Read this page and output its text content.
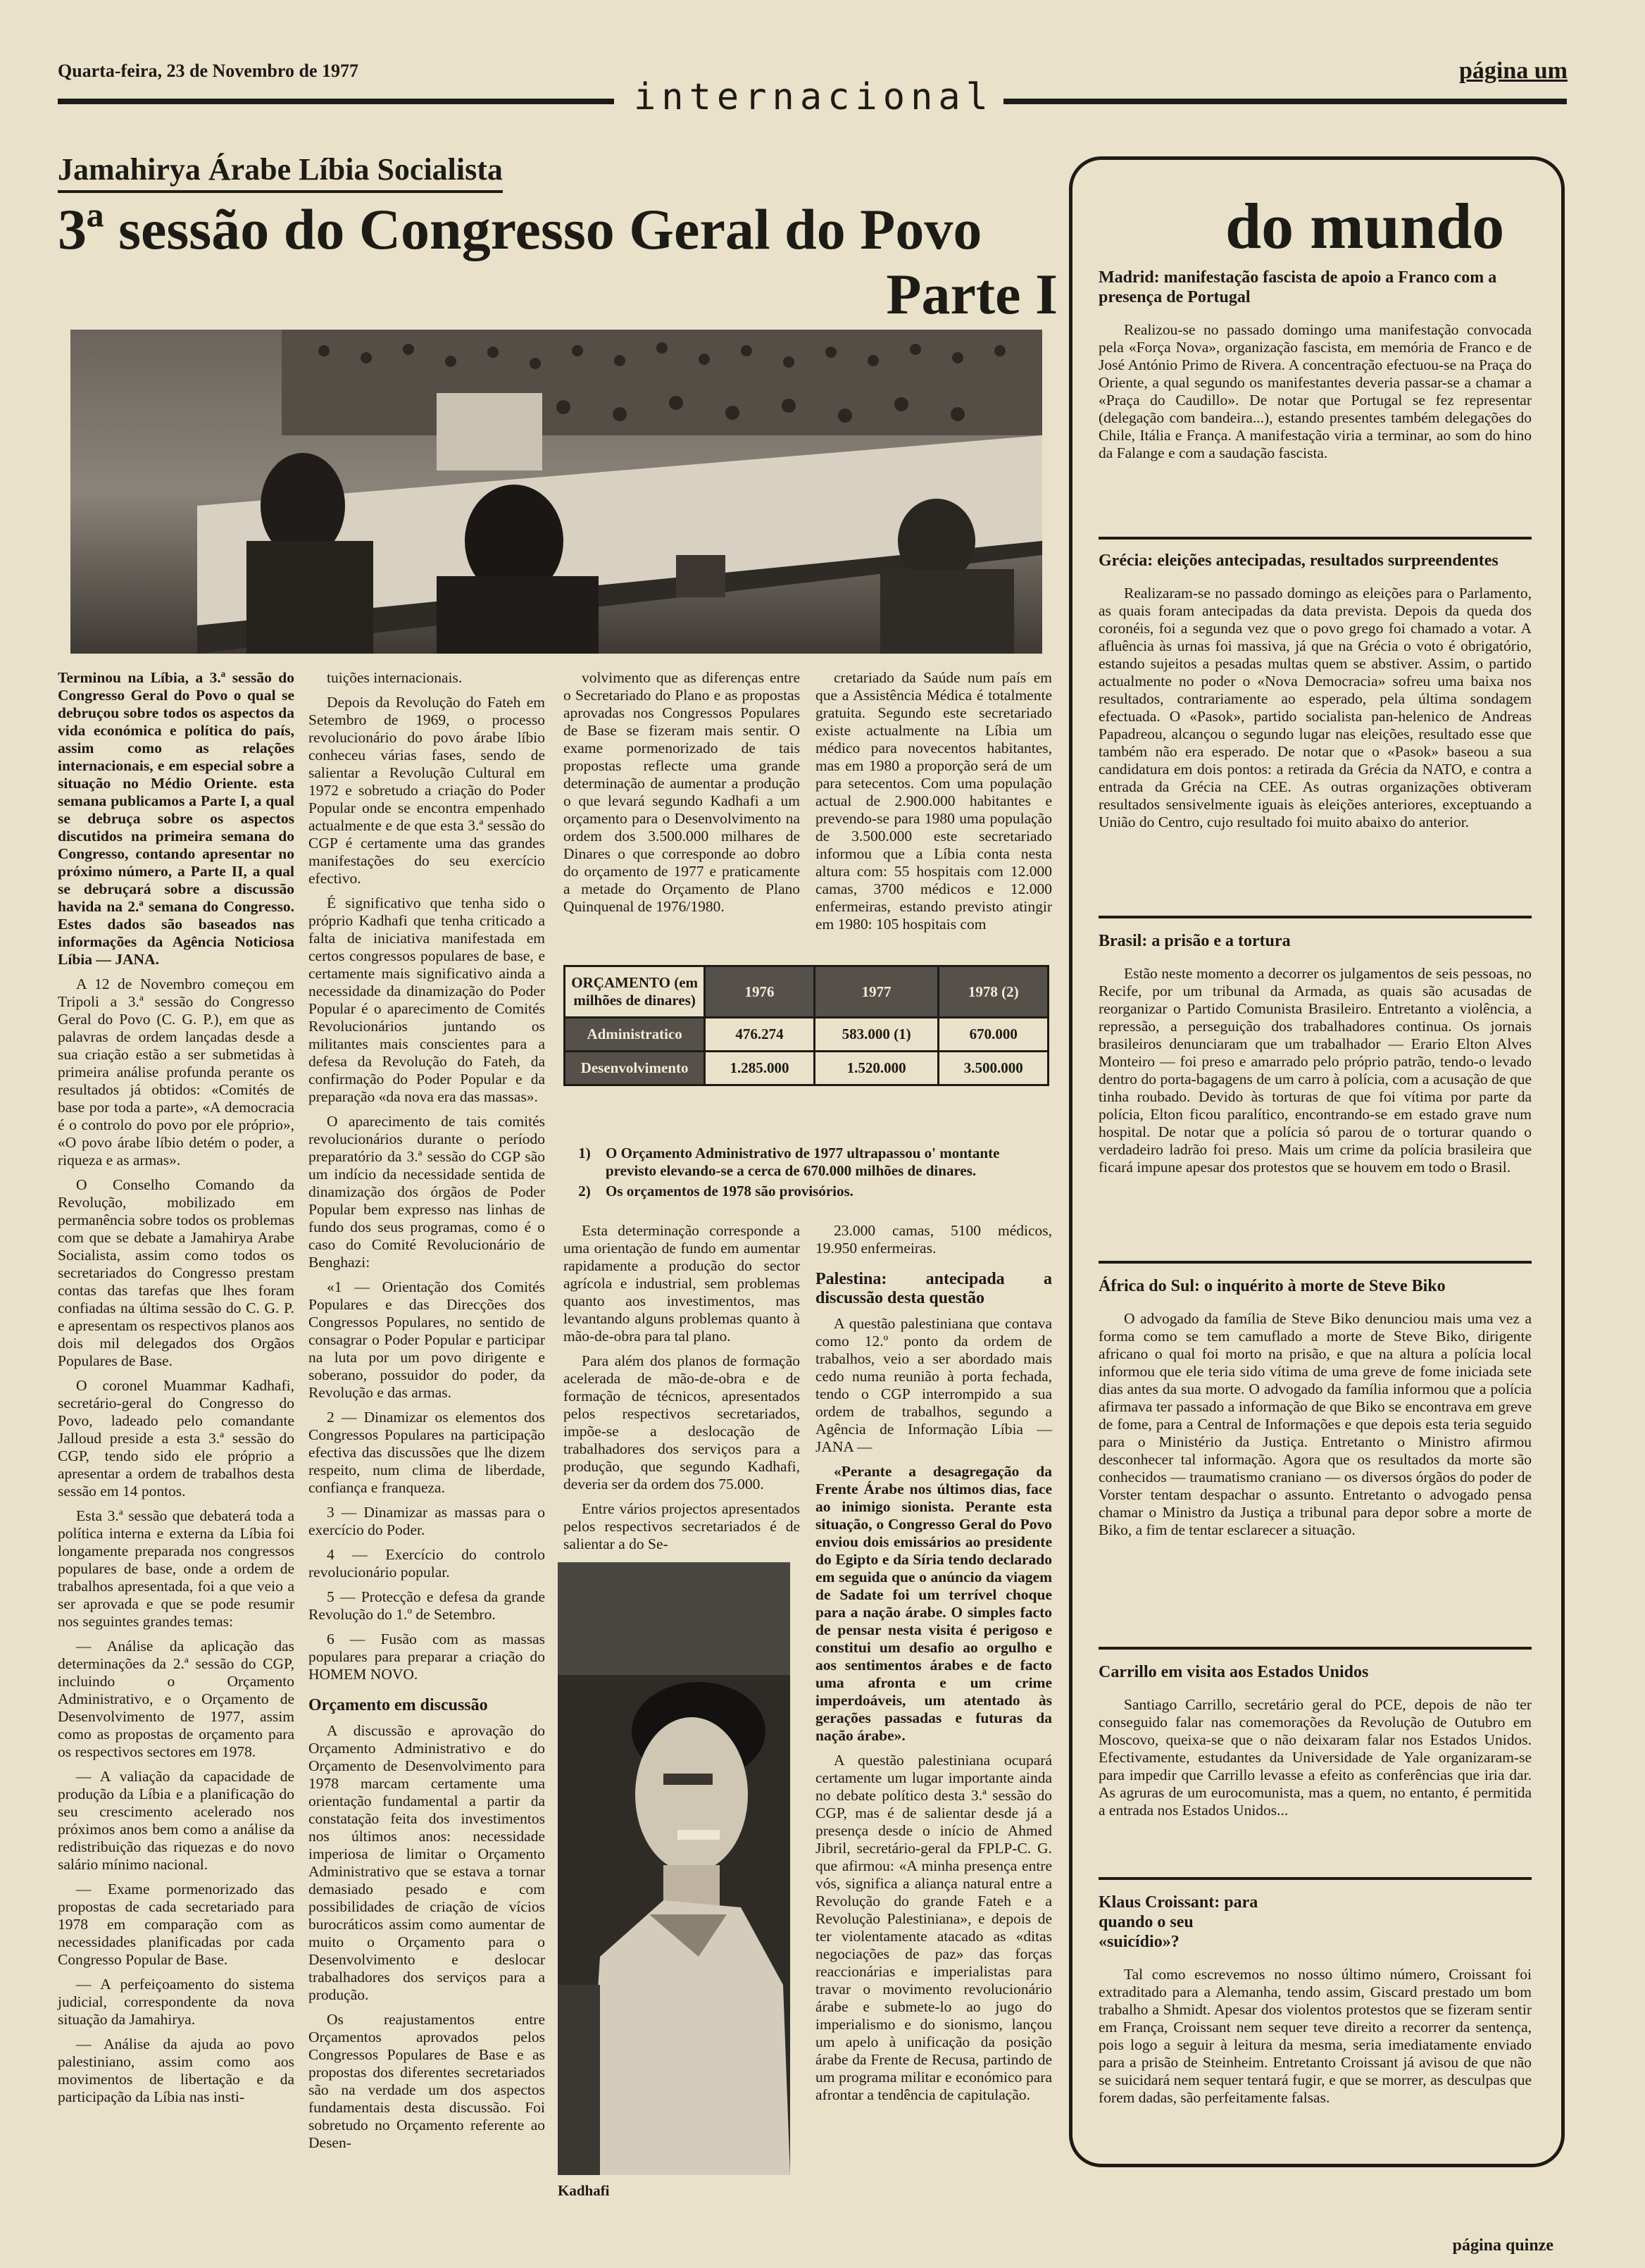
Quarta-feira, 23 de Novembro de 1977
internacional
página um
Jamahirya Árabe Líbia Socialista
3ª sessão do Congresso Geral do Povo
Parte I

Terminou na Líbia, a 3.ª sessão do Congresso Geral do Povo o qual se debruçou sobre todos os aspectos da vida económica e política do país, assim como as relações internacionais, e em especial sobre a situação no Médio Oriente. esta semana publicamos a Parte I, a qual se debruça sobre os aspectos discutidos na primeira semana do Congresso, contando apresentar no próximo número, a Parte II, a qual se debruçará sobre a discussão havida na 2.ª semana do Congresso. Estes dados são baseados nas informações da Agência Noticiosa Líbia — JANA.

A 12 de Novembro começou em Tripoli a 3.ª sessão do Congresso Geral do Povo (C. G. P.), em que as palavras de ordem lançadas desde a sua criação estão a ser submetidas à primeira análise profunda perante os resultados já obtidos: «Comités de base por toda a parte», «A democracia é o controlo do povo por ele próprio», «O povo árabe líbio detém o poder, a riqueza e as armas».

O Conselho Comando da Revolução, mobilizado em permanência sobre todos os problemas com que se debate a Jamahirya Arabe Socialista, assim como todos os secretariados do Congresso prestam contas das tarefas que lhes foram confiadas na última sessão do C. G. P. e apresentam os respectivos planos aos dois mil delegados dos Orgãos Populares de Base.

O coronel Muammar Kadhafi, secretário-geral do Congresso do Povo, ladeado pelo comandante Jalloud preside a esta 3.ª sessão do CGP, tendo sido ele próprio a apresentar a ordem de trabalhos desta sessão em 14 pontos.

Esta 3.ª sessão que debaterá toda a política interna e externa da Líbia foi longamente preparada nos congressos populares de base, onde a ordem de trabalhos apresentada, foi a que veio a ser aprovada e que se pode resumir nos seguintes grandes temas:

— Análise da aplicação das determinações da 2.ª sessão do CGP, incluindo o Orçamento Administrativo, e o Orçamento de Desenvolvimento de 1977, assim como as propostas de orçamento para os respectivos sectores em 1978.

— A valiação da capacidade de produção da Líbia e a planificação do seu crescimento acelerado nos próximos anos bem como a análise da redistribuição das riquezas e do novo salário mínimo nacional.

— Exame pormenorizado das propostas de cada secretariado para 1978 em comparação com as necessidades planificadas por cada Congresso Popular de Base.

— A perfeiçoamento do sistema judicial, correspondente da nova situação da Jamahirya.

— Análise da ajuda ao povo palestiniano, assim como aos movimentos de libertação e da participação da Líbia nas insti-

tuições internacionais.

Depois da Revolução do Fateh em Setembro de 1969, o processo revolucionário do povo árabe líbio conheceu várias fases, sendo de salientar a Revolução Cultural em 1972 e sobretudo a criação do Poder Popular onde se encontra empenhado actualmente e de que esta 3.ª sessão do CGP é certamente uma das grandes manifestações do seu exercício efectivo.

É significativo que tenha sido o próprio Kadhafi que tenha criticado a falta de iniciativa manifestada em certos congressos populares de base, e certamente mais significativo ainda a necessidade da dinamização do Poder Popular é o aparecimento de Comités Revolucionários juntando os militantes mais conscientes para a defesa da Revolução do Fateh, da confirmação do Poder Popular e da preparação «da nova era das massas».

O aparecimento de tais comités revolucionários durante o período preparatório da 3.ª sessão do CGP são um indício da necessidade sentida de dinamização dos órgãos de Poder Popular bem expresso nas linhas de fundo dos seus programas, como é o caso do Comité Revolucionário de Benghazi:

«1 — Orientação dos Comités Populares e das Direcções dos Congressos Populares, no sentido de consagrar o Poder Popular e participar na luta por um povo dirigente e soberano, possuidor do poder, da Revolução e das armas.

2 — Dinamizar os elementos dos Congressos Populares na participação efectiva das discussões que lhe dizem respeito, num clima de liberdade, confiança e franqueza.

3 — Dinamizar as massas para o exercício do Poder.

4 — Exercício do controlo revolucionário popular.

5 — Protecção e defesa da grande Revolução do 1.º de Setembro.

6 — Fusão com as massas populares para preparar a criação do HOMEM NOVO.

Orçamento em discussão

A discussão e aprovação do Orçamento Administrativo e do Orçamento de Desenvolvimento para 1978 marcam certamente uma orientação fundamental a partir da constatação feita dos investimentos nos últimos anos: necessidade imperiosa de limitar o Orçamento Administrativo que se estava a tornar demasiado pesado e com possibilidades de criação de vícios burocráticos assim como aumentar de muito o Orçamento para o Desenvolvimento e deslocar trabalhadores dos serviços para a produção.

Os reajustamentos entre Orçamentos aprovados pelos Congressos Populares de Base e as propostas dos diferentes secretariados são na verdade um dos aspectos fundamentais desta discussão. Foi sobretudo no Orçamento referente ao Desen-

volvimento que as diferenças entre o Secretariado do Plano e as propostas aprovadas nos Congressos Populares de Base se fizeram mais sentir. O exame pormenorizado de tais propostas reflecte uma grande determinação de aumentar a produção o que levará segundo Kadhafi a um orçamento para o Desenvolvimento na ordem dos 3.500.000 milhares de Dinares o que corresponde ao dobro do orçamento de 1977 e praticamente a metade do Orçamento de Plano Quinquenal de 1976/1980.

cretariado da Saúde num país em que a Assistência Médica é totalmente gratuita. Segundo este secretariado existe actualmente na Líbia um médico para novecentos habitantes, mas em 1980 a proporção será de um para setecentos. Com uma população actual de 2.900.000 habitantes e prevendo-se para 1980 uma população de 3.500.000 este secretariado informou que a Líbia conta nesta altura com: 55 hospitais com 12.000 camas, 3700 médicos e 12.000 enfermeiras, estando previsto atingir em 1980: 105 hospitais com

ORÇAMENTO (em milhões de dinares)	1976	1977	1978 (2)
Administratico	476.274	583.000 (1)	670.000
Desenvolvimento	1.285.000	1.520.000	3.500.000
1)	O Orçamento Administrativo de 1977 ultrapassou o' montante previsto elevando-se a cerca de 670.000 milhões de dinares.
2)	Os orçamentos de 1978 são provisórios.

Esta determinação corresponde a uma orientação de fundo em aumentar rapidamente a produção do sector agrícola e industrial, sem problemas quanto aos investimentos, mas levantando alguns problemas quanto à mão-de-obra para tal plano.

Para além dos planos de formação acelerada de mão-de-obra e de formação de técnicos, apresentados pelos respectivos secretariados, impõe-se a deslocação de trabalhadores dos serviços para a produção, que segundo Kadhafi, deveria ser da ordem dos 75.000.

Entre vários projectos apresentados pelos respectivos secretariados é de salientar a do Se-

23.000 camas, 5100 médicos, 19.950 enfermeiras.

Palestina: antecipada a discussão desta questão

A questão palestiniana que contava como 12.º ponto da ordem de trabalhos, veio a ser abordado mais cedo numa reunião à porta fechada, tendo o CGP interrompido a sua ordem de trabalhos, segundo a Agência de Informação Líbia — JANA —

«Perante a desagregação da Frente Árabe nos últimos dias, face ao inimigo sionista. Perante esta situação, o Congresso Geral do Povo enviou dois emissários ao presidente do Egipto e da Síria tendo declarado em seguida que o anúncio da viagem de Sadate foi um terrível choque para a nação árabe. O simples facto de pensar nesta visita é perigoso e constitui um desafio ao orgulho e aos sentimentos árabes e de facto uma afronta e um crime imperdoáveis, um atentado às gerações passadas e futuras da nação árabe».

A questão palestiniana ocupará certamente um lugar importante ainda no debate político desta 3.ª sessão do CGP, mas é de salientar desde já a presença desde o início de Ahmed Jibril, secretário-geral da FPLP-C. G. que afirmou: «A minha presença entre vós, significa a aliança natural entre a Revolução do grande Fateh e a Revolução Palestiniana», e depois de ter violentamente atacado as «ditas negociações de paz» das forças reaccionárias e imperialistas para travar o movimento revolucionário árabe e submete-lo ao jugo do imperialismo e do sionismo, lançou um apelo à unificação da posição árabe da Frente de Recusa, partindo de um programa militar e económico para afrontar a tendência de capitulação.

Kadhafi
do mundo
Madrid: manifestação fascista de apoio a Franco com a presença de Portugal

Realizou-se no passado domingo uma manifestação convocada pela «Força Nova», organização fascista, em memória de Franco e de José António Primo de Rivera. A concentração efectuou-se na Praça do Oriente, a qual segundo os manifestantes deveria passar-se a chamar a «Praça do Caudillo». De notar que Portugal se fez representar (delegação com bandeira...), estando presentes também delegações do Chile, Itália e França. A manifestação viria a terminar, ao som do hino da Falange e com a saudação fascista.

Grécia: eleições antecipadas, resultados surpreendentes

Realizaram-se no passado domingo as eleições para o Parlamento, as quais foram antecipadas da data prevista. Depois da queda dos coronéis, foi a segunda vez que o povo grego foi chamado a votar. A afluência às urnas foi massiva, já que na Grécia o voto é obrigatório, estando sujeitos a pesadas multas quem se abstiver. Assim, o partido actualmente no poder o «Nova Democracia» sofreu uma baixa nos resultados, contrariamente ao esperado, pela última sondagem efectuada. O «Pasok», partido socialista pan-helenico de Andreas Papadreou, alcançou o segundo lugar nas eleições, resultado esse que também não era esperado. De notar que o «Pasok» baseou a sua candidatura em dois pontos: a retirada da Grécia da NATO, e contra a entrada da Grécia na CEE. As outras organizações obtiveram resultados sensivelmente iguais às eleições anteriores, exceptuando a União do Centro, cujo resultado foi muito abaixo do anterior.

Brasil: a prisão e a tortura

Estão neste momento a decorrer os julgamentos de seis pessoas, no Recife, por um tribunal da Armada, as quais são acusadas de reorganizar o Partido Comunista Brasileiro. Entretanto a violência, a repressão, a perseguição dos trabalhadores continua. Os jornais brasileiros denunciaram que um trabalhador — Erario Elton Alves Monteiro — foi preso e amarrado pelo próprio patrão, tendo-o levado dentro do porta-bagagens de um carro à polícia, com a acusação de que tinha roubado. Devido às torturas de que foi vítima por parte da polícia, Elton ficou paralítico, encontrando-se em estado grave num hospital. De notar que a polícia só parou de o torturar quando o verdadeiro ladrão foi preso. Mais um crime da polícia brasileira que ficará impune apesar dos protestos que se houvem em todo o Brasil.

África do Sul: o inquérito à morte de Steve Biko

O advogado da família de Steve Biko denunciou mais uma vez a forma como se tem camuflado a morte de Steve Biko, dirigente africano o qual foi morto na prisão, e que na altura a polícia local informou que ele teria sido vítima de uma greve de fome iniciada sete dias antes da sua morte. O advogado da família informou que a polícia afirmava ter passado a informação de que Biko se encontrava em greve de fome, para a Central de Informações e que depois esta teria seguido para o Ministério da Justiça. Entretanto o Ministro afirmou desconhecer tal informação. Agora que os resultados da morte são conhecidos — traumatismo craniano — os diversos órgãos do poder de Vorster tentam despachar o assunto. Entretanto o advogado pensa chamar o Ministro da Justiça a tribunal para depor sobre a morte de Biko, a fim de tentar esclarecer a situação.

Carrillo em visita aos Estados Unidos

Santiago Carrillo, secretário geral do PCE, depois de não ter conseguido falar nas comemorações da Revolução de Outubro em Moscovo, queixa-se que o não deixaram falar nos Estados Unidos. Efectivamente, estudantes da Universidade de Yale organizaram-se para impedir que Carrillo levasse a efeito as conferências que iria dar. As agruras de um eurocomunista, mas a quem, no entanto, é permitida a entrada nos Estados Unidos...

Klaus Croissant: para quando o seu «suicídio»?

Tal como escrevemos no nosso último número, Croissant foi extraditado para a Alemanha, tendo assim, Giscard prestado um bom trabalho a Shmidt. Apesar dos violentos protestos que se fizeram sentir em França, Croissant nem sequer teve direito a recorrer da sentença, pois logo a seguir à leitura da mesma, seria imediatamente enviado para a prisão de Steinheim. Entretanto Croissant já avisou de que não se suicidará nem sequer tentará fugir, e que se morrer, as desculpas que forem dadas, são perfeitamente falsas.

página quinze
